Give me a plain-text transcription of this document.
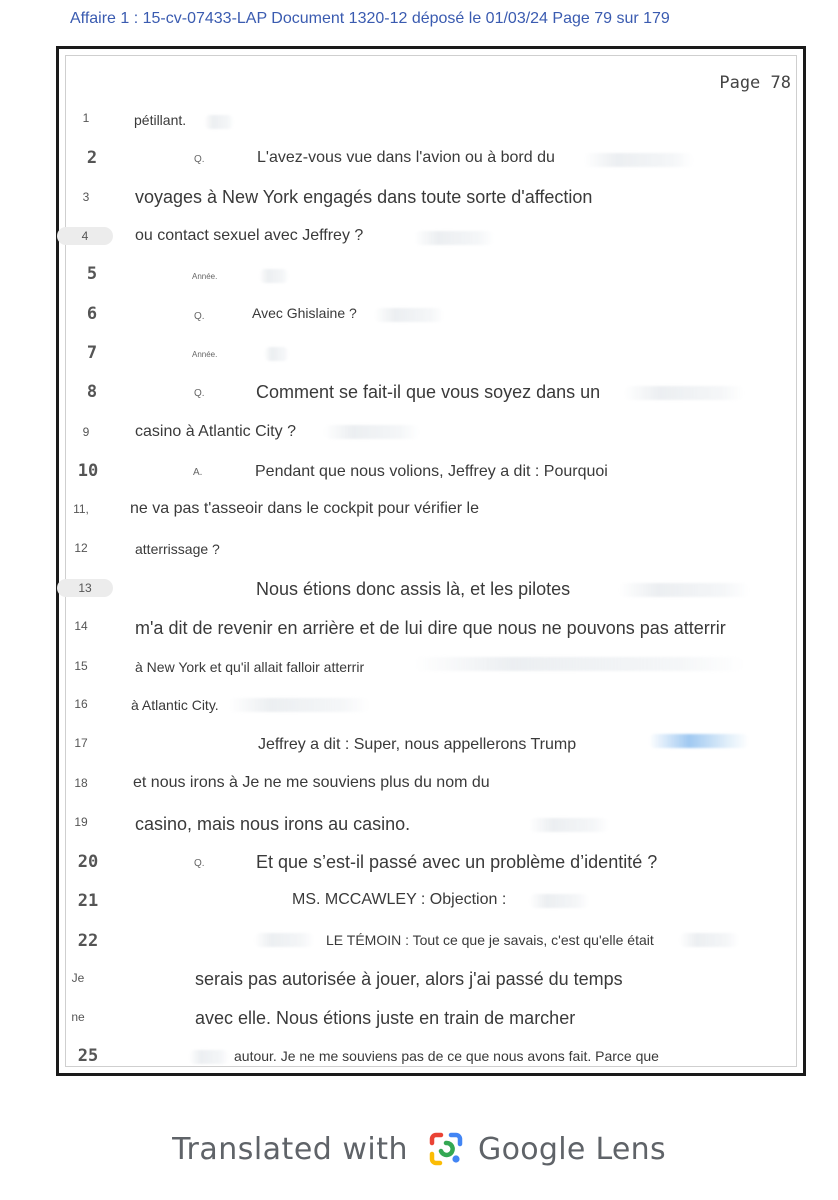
Affaire 1 : 15-cv-07433-LAP Document 1320-12 déposé le 01/03/24 Page 79 sur 179
Page 78
1
2
3
4
5
6
7
8
9
10
11,
12
13
14
15
16
17
18
19
20
21
22
Je
ne
25
Q.
Année.
Q.
Année.
Q.
A.
Q.
pétillant.
L'avez-vous vue dans l'avion ou à bord du
voyages à New York engagés dans toute sorte d'affection
ou contact sexuel avec Jeffrey ?
Avec Ghislaine ?
Comment se fait-il que vous soyez dans un
casino à Atlantic City ?
Pendant que nous volions, Jeffrey a dit : Pourquoi
ne va pas t'asseoir dans le cockpit pour vérifier le
atterrissage ?
Nous étions donc assis là, et les pilotes
m'a dit de revenir en arrière et de lui dire que nous ne pouvons pas atterrir
à New York et qu'il allait falloir atterrir
à Atlantic City.
Jeffrey a dit : Super, nous appellerons Trump
et nous irons à Je ne me souviens plus du nom du
casino, mais nous irons au casino.
Et que s’est-il passé avec un problème d’identité ?
MS. MCCAWLEY : Objection :
LE TÉMOIN : Tout ce que je savais, c'est qu'elle était
serais pas autorisée à jouer, alors j'ai passé du temps
avec elle. Nous étions juste en train de marcher
autour. Je ne me souviens pas de ce que nous avons fait. Parce que
Translated with Google Lens
